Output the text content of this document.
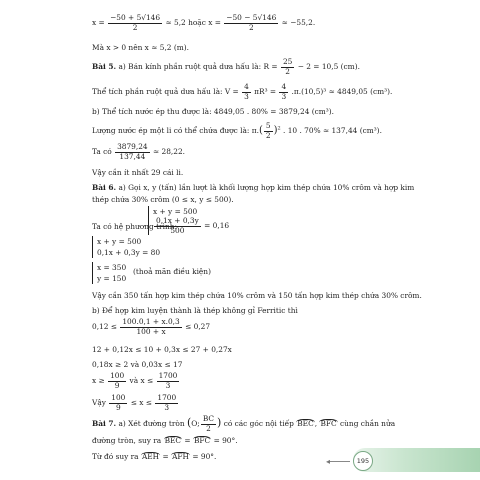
$x = \frac{-50 + 5√146}{2} \approx 5,2$ hoặc $x = \frac{-50 - 5√146}{2} \approx -55,2$.
Mà x > 0 nên x ≈ 5,2 (m).
Bài 5. a) Bán kính phần ruột quả dưa hấu là: $R = \frac{25}{2} - 2 = 10,5$ (cm).
Thể tích phần ruột quả dưa hấu là: $V = \frac{4}{3} \pi R^3 = \frac{4}{3} .\pi.(10,5)^3 \approx 4849,05$ (cm³).
b) Thể tích nước ép thu được là: 4849,05 . 80% = 3879,24 (cm³).
Lượng nước ép một li có thể chứa được là: $\pi.( \frac{5}{2} )^2$ . 10 . 70% ≈ 137,44 (cm³).
Ta có $\frac{3879,24}{137,44} \approx 28,22$.
Vậy cần ít nhất 29 cái li.
Bài 6. a) Gọi x, y (tấn) lần lượt là khối lượng hợp kim thép chứa 10% crôm và hợp kim
thép chứa 30% crôm (0 ≤ x, y ≤ 500).
Ta có hệ phương trình:
x + y = 500
$\frac{0,1x + 0,3y}{500} = 0,16$
x + y = 500
0,1x + 0,3y = 80
x = 350
y = 150
(thoả mãn điều kiện)
Vậy cần 350 tấn hợp kim thép chứa 10% crôm và 150 tấn hợp kim thép chứa 30% crôm.
b) Để hợp kim luyện thành là thép không gỉ Ferritic thì
$0,12 \le \frac{100.0,1 + x.0,3}{100 + x} \le 0,27$
12 + 0,12x ≤ 10 + 0,3x ≤ 27 + 0,27x
0,18x ≥ 2 và 0,03x ≤ 17
$x \ge \frac{100}{9}$ và $x \le \frac{1700}{3}$
Vậy $\frac{100}{9} \le x \le \frac{1700}{3}$
Bài 7. a) Xét đường tròn (O; $\frac{BC}{2}$ ) có các góc nội tiếp BEC, BFC cùng chắn nửa
đường tròn, suy ra BEC = BFC = 90°.
Từ đó suy ra AEH = AFH = 90°.
◂	195
